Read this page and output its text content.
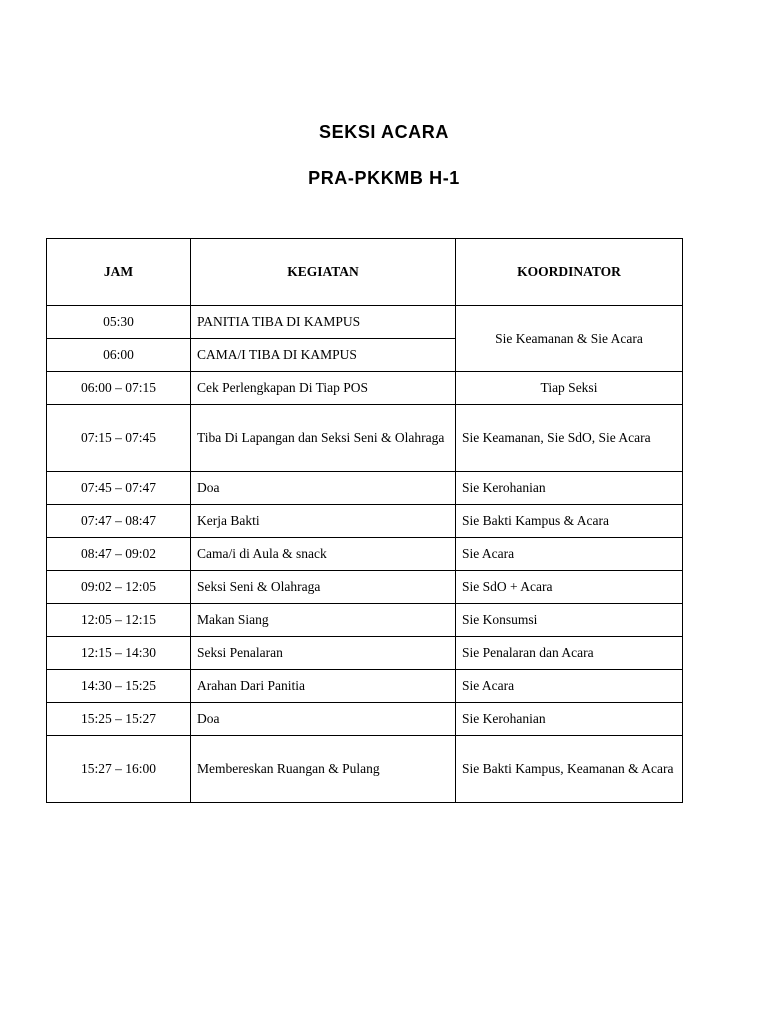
SEKSI ACARA
PRA-PKKMB H-1
JAM	KEGIATAN	KOORDINATOR
05:30	PANITIA TIBA DI KAMPUS	Sie Keamanan & Sie Acara
06:00	CAMA/I TIBA DI KAMPUS	
06:00 – 07:15	Cek Perlengkapan Di Tiap POS	Tiap Seksi
07:15 – 07:45	Tiba Di Lapangan dan Seksi Seni & Olahraga	Sie Keamanan, Sie SdO, Sie Acara
07:45 – 07:47	Doa	Sie Kerohanian
07:47 – 08:47	Kerja Bakti	Sie Bakti Kampus & Acara
08:47 – 09:02	Cama/i di Aula & snack	Sie Acara
09:02 – 12:05	Seksi Seni & Olahraga	Sie SdO + Acara
12:05 – 12:15	Makan Siang	Sie Konsumsi
12:15 – 14:30	Seksi Penalaran	Sie Penalaran dan Acara
14:30 – 15:25	Arahan Dari Panitia	Sie Acara
15:25 – 15:27	Doa	Sie Kerohanian
15:27 – 16:00	Membereskan Ruangan & Pulang	Sie Bakti Kampus, Keamanan & Acara
